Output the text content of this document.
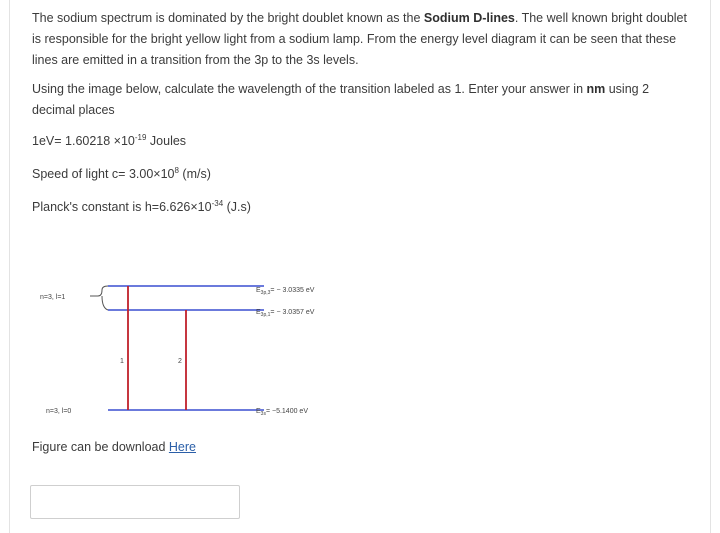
The sodium spectrum is dominated by the bright doublet known as the Sodium D-lines. The well known bright doublet is responsible for the bright yellow light from a sodium lamp. From the energy level diagram it can be seen that these lines are emitted in a transition from the 3p to the 3s levels.

Using the image below, calculate the wavelength of the transition labeled as 1. Enter your answer in nm using 2 decimal places

$1eV= 1.60218 \times 10^{-19}$ Joules

Speed of light $c= 3.00\times 10^8$ (m/s)

Planck's constant is $h=6.626\times 10^{-34}$ (J.s)

n=3, l=1
1	2
n=3, l=0
$E_{3p,3}= - 3.0335$ eV
$E_{3p,1}= - 3.0357$ eV
$E_{3s}= -5.1400$ eV
Figure can be download Here
